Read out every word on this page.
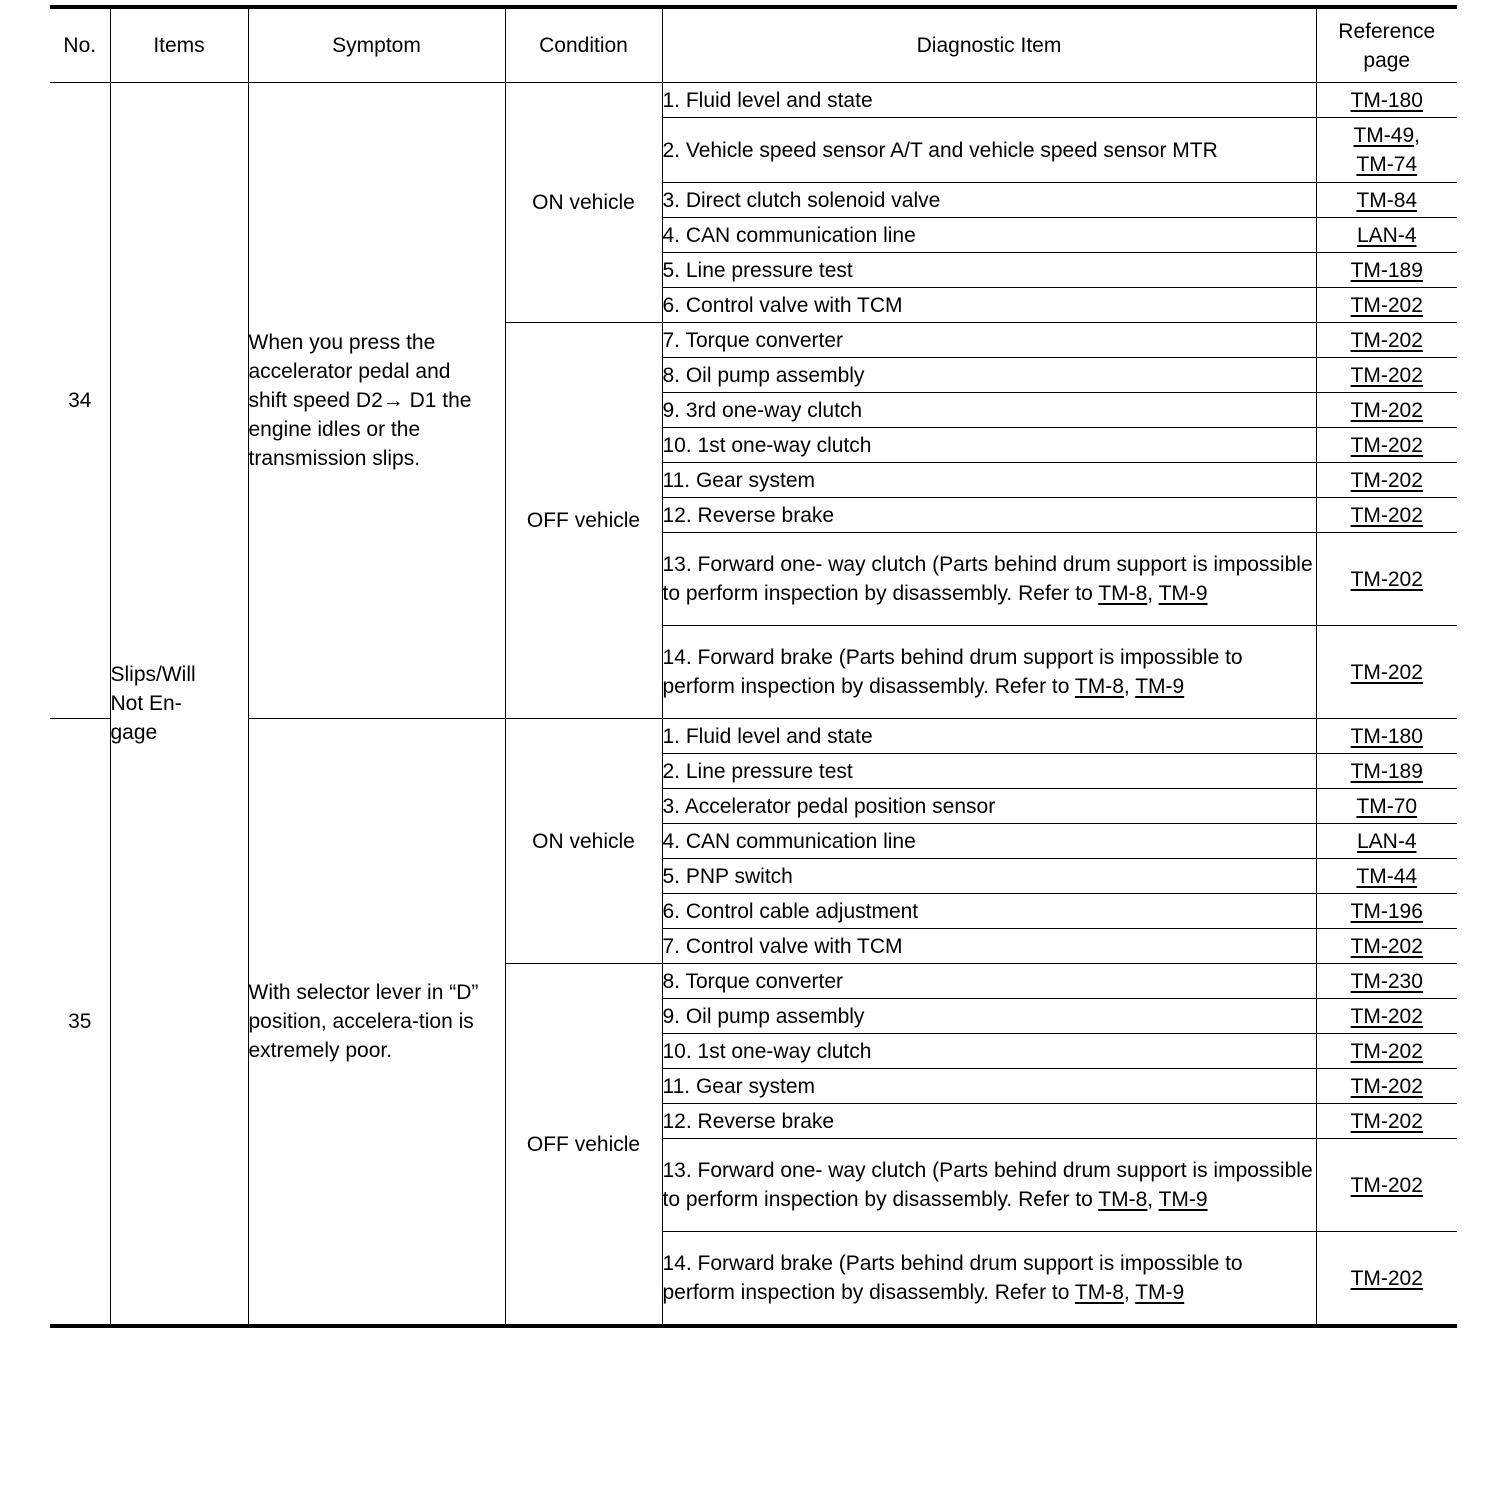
No.	Items	Symptom	Condition	Diagnostic Item	Reference page
34	Slips/Will Not En-gage	When you press the accelerator pedal and shift speed D2→ D1 the engine idles or the transmission slips.	ON vehicle	1. Fluid level and state	TM-180

				2. Vehicle speed sensor A/T and vehicle speed sensor MTR	TM-49,
TM-74

				3. Direct clutch solenoid valve	TM-84

				4. CAN communication line	LAN-4

				5. Line pressure test	TM-189

				6. Control valve with TCM	TM-202

			OFF vehicle	7. Torque converter	TM-202

				8. Oil pump assembly	TM-202

				9. 3rd one-way clutch	TM-202

				10. 1st one-way clutch	TM-202

				11. Gear system	TM-202

				12. Reverse brake	TM-202

				13. Forward one- way clutch (Parts behind drum support is impossible to perform inspection by disassembly. Refer to TM-8, TM-9	TM-202

				14. Forward brake (Parts behind drum support is impossible to perform inspection by disassembly. Refer to TM-8, TM-9	TM-202

35		With selector lever in “D” position, accelera-tion is extremely poor.	ON vehicle	1. Fluid level and state	TM-180

				2. Line pressure test	TM-189

				3. Accelerator pedal position sensor	TM-70

				4. CAN communication line	LAN-4

				5. PNP switch	TM-44

				6. Control cable adjustment	TM-196

				7. Control valve with TCM	TM-202

			OFF vehicle	8. Torque converter	TM-230

				9. Oil pump assembly	TM-202

				10. 1st one-way clutch	TM-202

				11. Gear system	TM-202

				12. Reverse brake	TM-202

				13. Forward one- way clutch (Parts behind drum support is impossible to perform inspection by disassembly. Refer to TM-8, TM-9	TM-202

				14. Forward brake (Parts behind drum support is impossible to perform inspection by disassembly. Refer to TM-8, TM-9	TM-202
